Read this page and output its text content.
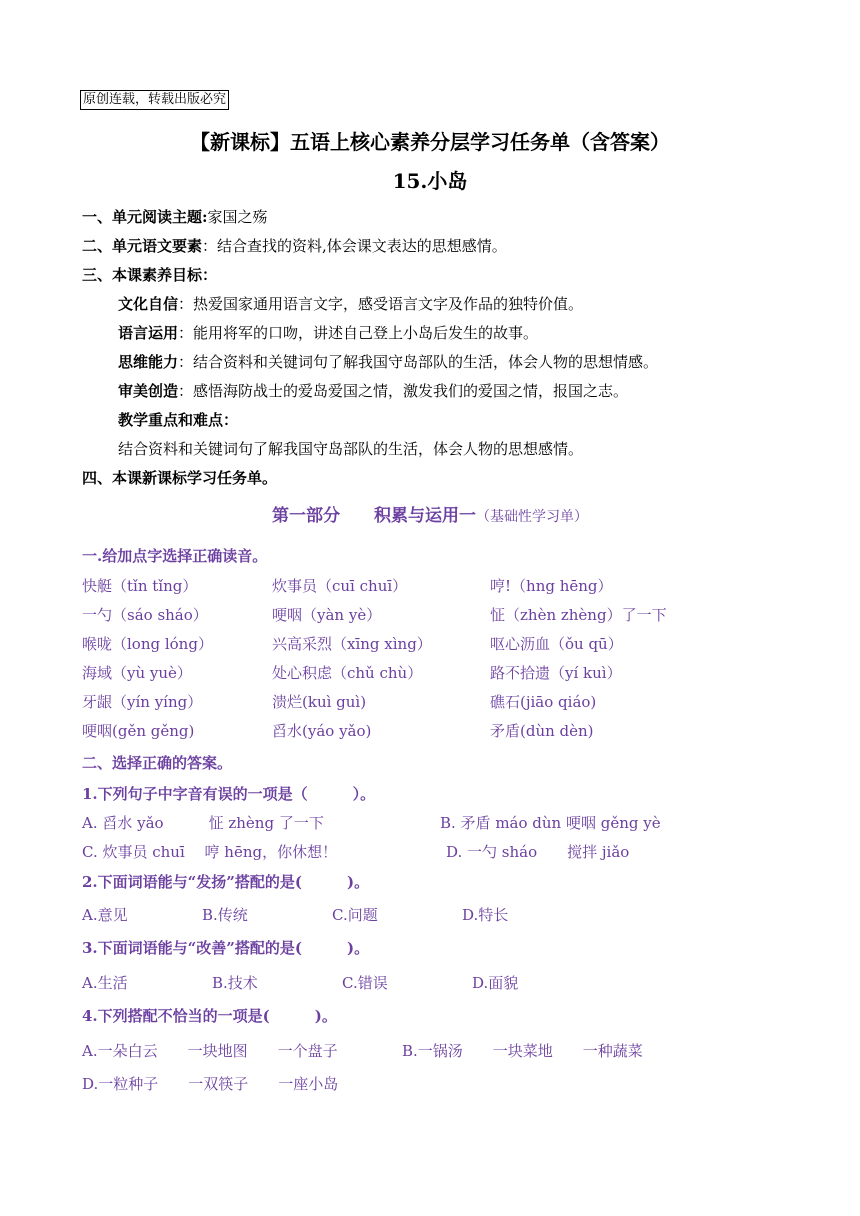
原创连载，转载出版必究
【新课标】五语上核心素养分层学习任务单（含答案）
15.小岛
一、单元阅读主题:家国之殇
二、单元语文要素：结合查找的资料,体会课文表达的思想感情。
三、本课素养目标：
文化自信：热爱国家通用语言文字，感受语言文字及作品的独特价值。
语言运用：能用将军的口吻，讲述自己登上小岛后发生的故事。
思维能力：结合资料和关键词句了解我国守岛部队的生活，体会人物的思想情感。
审美创造：感悟海防战士的爱岛爱国之情，激发我们的爱国之情，报国之志。
教学重点和难点：
结合资料和关键词句了解我国守岛部队的生活，体会人物的思想感情。
四、本课新课标学习任务单。
第一部分　　积累与运用一（基础性学习单）
一.给加点字选择正确读音。
快艇（tǐn tǐng）	炊事员（cuī chuī）	哼!（hng hēng）
一勺（sáo sháo）	哽咽（yàn yè）	怔（zhèn zhèng）了一下
喉咙（long lóng）	兴高采烈（xīng xìng）	呕心沥血（ǒu qū）
海域（yù yuè）	处心积虑（chǔ chù）	路不拾遗（yí kuì）
牙龈（yín yíng）	溃烂(kuì guì)	礁石(jiāo qiáo)
哽咽(gěn gěng)	舀水(yáo yǎo)	矛盾(dùn dèn)
二、选择正确的答案。
1.下列句子中字音有误的一项是（　　　）。
A. 舀水 yǎo　　　怔 zhèng 了一下	B. 矛盾 máo dùn 哽咽 gěng yè
C. 炊事员 chuī　 哼 hēng，你休想！	D. 一勺 sháo　　搅拌 jiǎo
2.下面词语能与“发扬”搭配的是(　　　)。
A.意见	B.传统	C.问题	D.特长
3.下面词语能与“改善”搭配的是(　　　)。
A.生活	B.技术	C.错误	D.面貌
4.下列搭配不恰当的一项是(　　　)。
A.一朵白云　　一块地图　　一个盘子	B.一锅汤　　一块菜地　　一种蔬菜
D.一粒种子　　一双筷子　　一座小岛
